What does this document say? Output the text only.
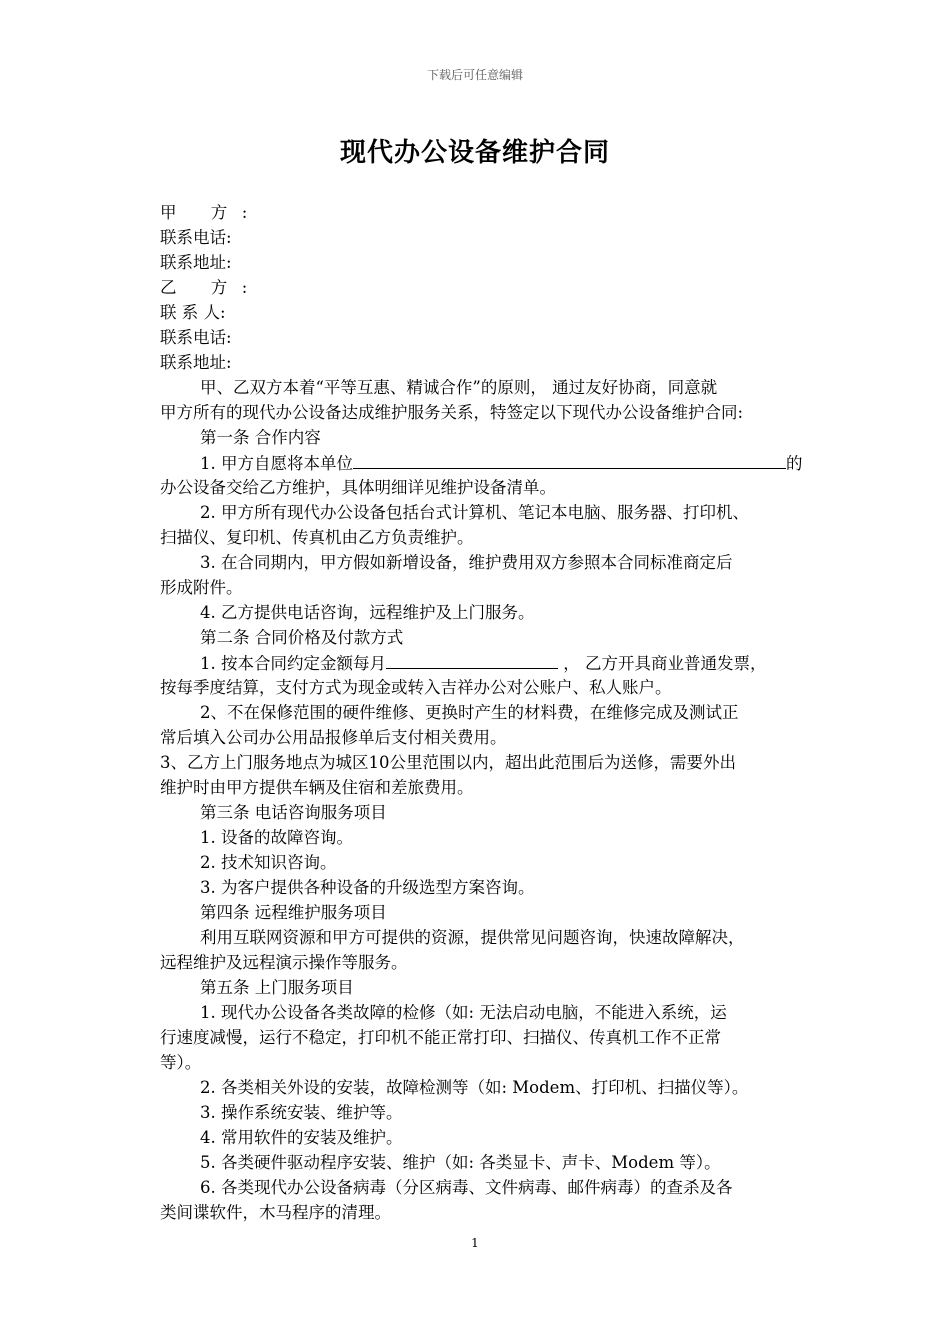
下载后可任意编辑
现代办公设备维护合同
甲 方:
联系电话:
联系地址:
乙 方:
联 系 人:
联系电话:
联系地址:
甲、乙双方本着“平等互惠、精诚合作”的原则， 通过友好协商，同意就
甲方所有的现代办公设备达成维护服务关系，特签定以下现代办公设备维护合同:
第一条 合作内容
1. 甲方自愿将本单位	的
办公设备交给乙方维护，具体明细详见维护设备清单。
2. 甲方所有现代办公设备包括台式计算机、笔记本电脑、服务器、打印机、
扫描仪、复印机、传真机由乙方负责维护。
3. 在合同期内，甲方假如新增设备，维护费用双方参照本合同标准商定后
形成附件。
4. 乙方提供电话咨询，远程维护及上门服务。
第二条 合同价格及付款方式
1. 按本合同约定金额每月	， 乙方开具商业普通发票，
按每季度结算，支付方式为现金或转入吉祥办公对公账户、私人账户。
2、不在保修范围的硬件维修、更换时产生的材料费，在维修完成及测试正
常后填入公司办公用品报修单后支付相关费用。
3、乙方上门服务地点为城区10公里范围以内，超出此范围后为送修，需要外出
维护时由甲方提供车辆及住宿和差旅费用。
第三条 电话咨询服务项目
1. 设备的故障咨询。
2. 技术知识咨询。
3. 为客户提供各种设备的升级选型方案咨询。
第四条 远程维护服务项目
利用互联网资源和甲方可提供的资源，提供常见问题咨询，快速故障解决，
远程维护及远程演示操作等服务。
第五条 上门服务项目
1. 现代办公设备各类故障的检修（如: 无法启动电脑，不能进入系统，运
行速度减慢，运行不稳定，打印机不能正常打印、扫描仪、传真机工作不正常
等）。
2. 各类相关外设的安装，故障检测等（如: Modem、打印机、扫描仪等）。
3. 操作系统安装、维护等。
4. 常用软件的安装及维护。
5. 各类硬件驱动程序安装、维护（如: 各类显卡、声卡、Modem 等）。
6. 各类现代办公设备病毒（分区病毒、文件病毒、邮件病毒）的查杀及各
类间谍软件，木马程序的清理。
1
